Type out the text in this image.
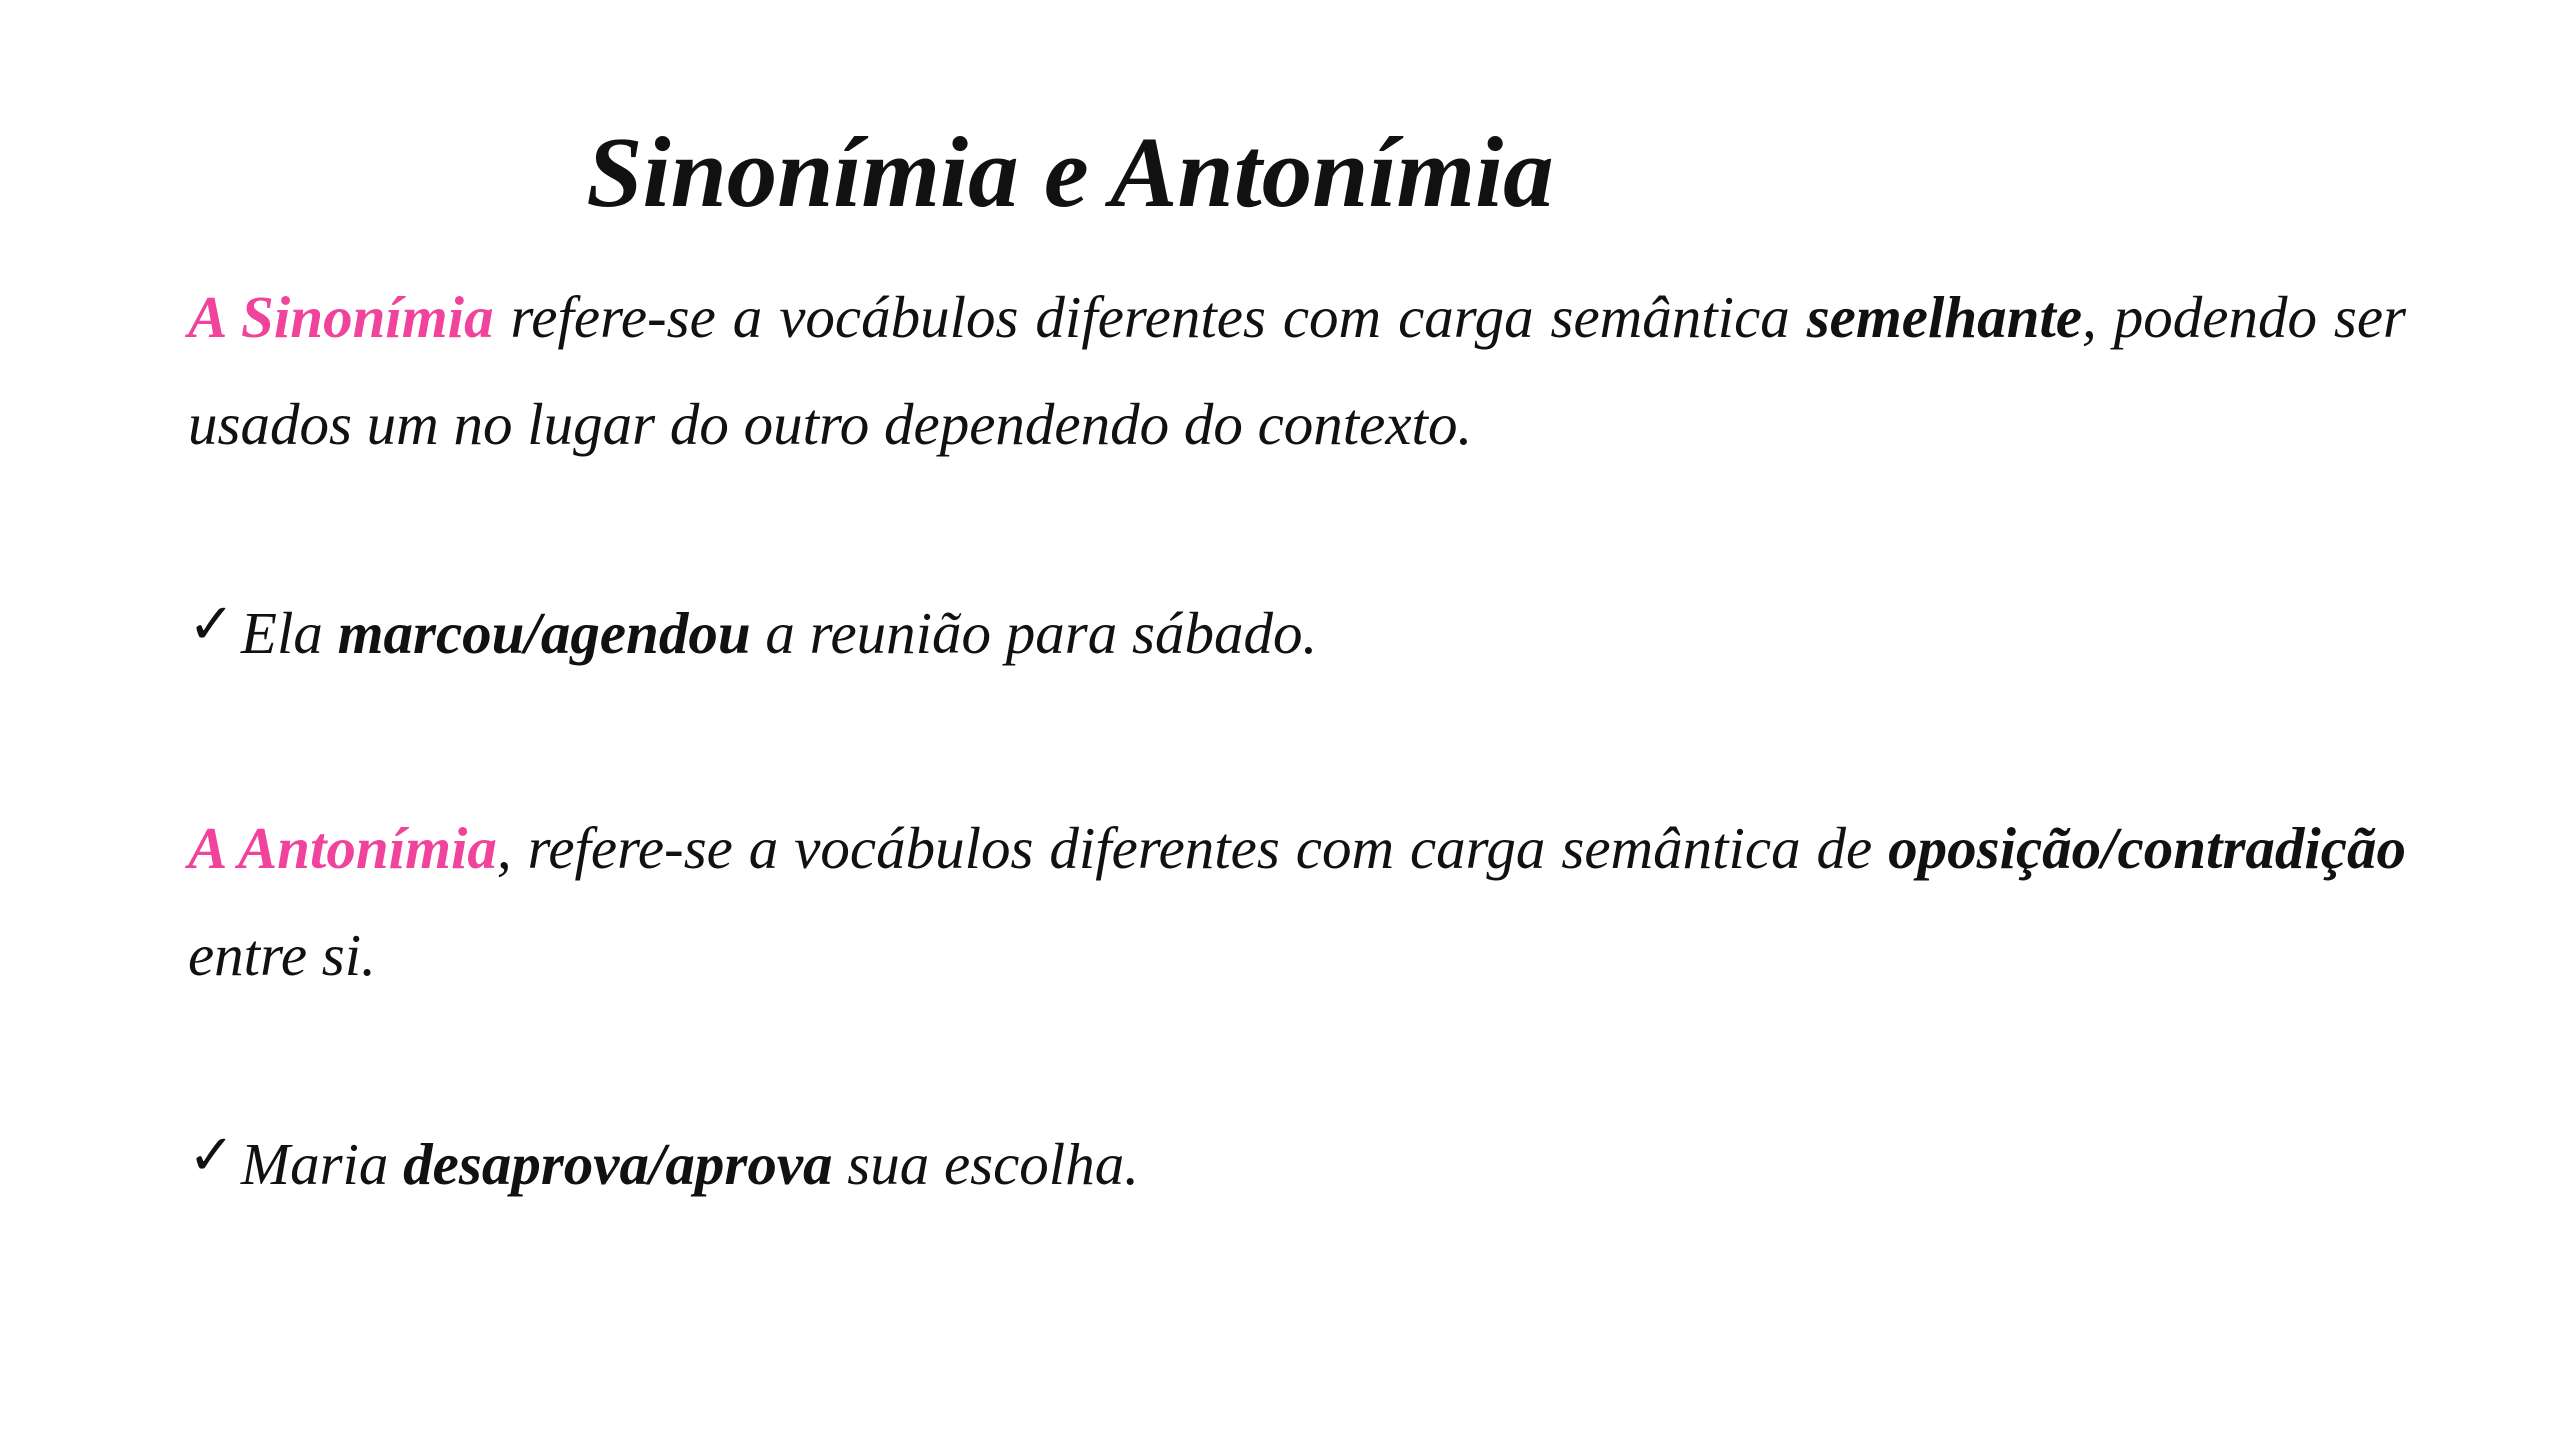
Sinonímia e Antonímia

A Sinonímia refere-se a vocábulos diferentes com carga semântica semelhante, podendo ser usados um no lugar do outro dependendo do contexto.

✓ Ela marcou/agendou a reunião para sábado.

A Antonímia, refere-se a vocábulos diferentes com carga semântica de oposição/contradição entre si.

✓ Maria desaprova/aprova sua escolha.
